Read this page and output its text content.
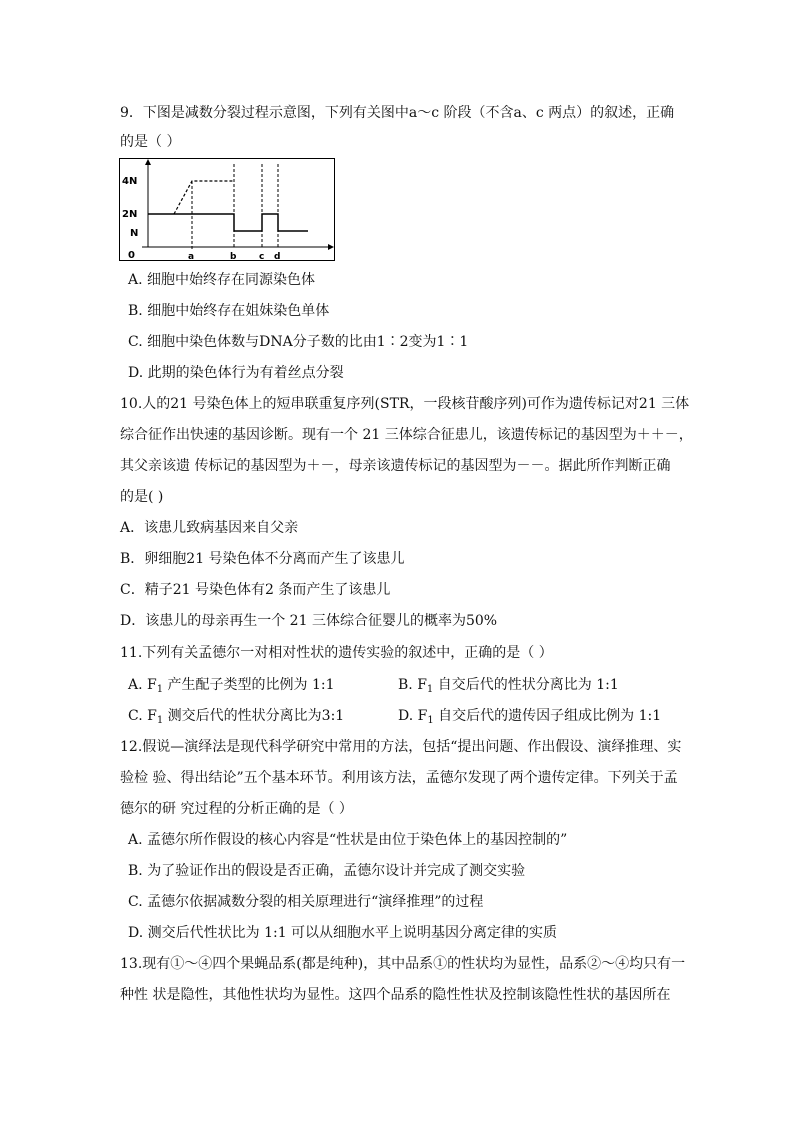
9．下图是减数分裂过程示意图，下列有关图中a～c 阶段（不含a、c 两点）的叙述，正确
的是（ ）
4N
2N
N
0	a	b	c d
A. 细胞中始终存在同源染色体
B. 细胞中始终存在姐妹染色单体
C. 细胞中染色体数与DNA分子数的比由1∶2变为1∶1
D. 此期的染色体行为有着丝点分裂
10.人的21 号染色体上的短串联重复序列(STR，一段核苷酸序列)可作为遗传标记对21 三体
综合征作出快速的基因诊断。现有一个 21 三体综合征患儿，该遗传标记的基因型为＋＋－，
其父亲该遗 传标记的基因型为＋－，母亲该遗传标记的基因型为－－。据此所作判断正确
的是( )
A．该患儿致病基因来自父亲
B．卵细胞21 号染色体不分离而产生了该患儿
C．精子21 号染色体有2 条而产生了该患儿
D．该患儿的母亲再生一个 21 三体综合征婴儿的概率为50%
11.下列有关孟德尔一对相对性状的遗传实验的叙述中，正确的是（ ）
A. $F_1$ 产生配子类型的比例为 1:1	B. $F_1$ 自交后代的性状分离比为 1:1
C. $F_1$ 测交后代的性状分离比为3:1	D. $F_1$ 自交后代的遗传因子组成比例为 1:1
12.假说—演绎法是现代科学研究中常用的方法，包括“提出问题、作出假设、演绎推理、实
验检 验、得出结论”五个基本环节。利用该方法，孟德尔发现了两个遗传定律。下列关于孟
德尔的研 究过程的分析正确的是（ ）
A. 孟德尔所作假设的核心内容是“性状是由位于染色体上的基因控制的”
B. 为了验证作出的假设是否正确，孟德尔设计并完成了测交实验
C. 孟德尔依据减数分裂的相关原理进行“演绎推理”的过程
D. 测交后代性状比为 1:1 可以从细胞水平上说明基因分离定律的实质
13.现有①～④四个果蝇品系(都是纯种)，其中品系①的性状均为显性，品系②～④均只有一
种性 状是隐性，其他性状均为显性。这四个品系的隐性性状及控制该隐性性状的基因所在
